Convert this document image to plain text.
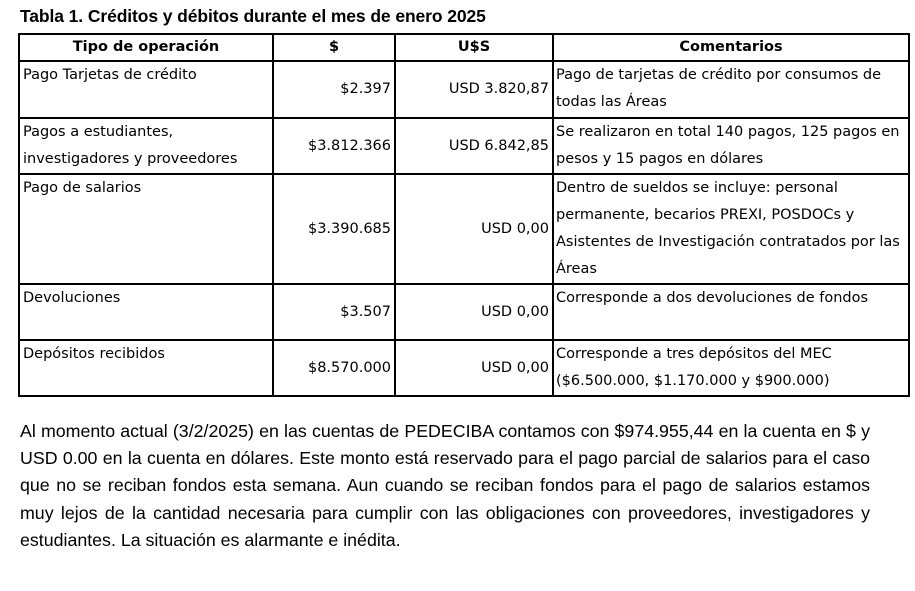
Tabla 1. Créditos y débitos durante el mes de enero 2025
Tipo de operación	$	U$S	Comentarios
Pago Tarjetas de crédito	$2.397	USD 3.820,87	Pago de tarjetas de crédito por consumos de todas las Áreas
Pagos a estudiantes, investigadores y proveedores	$3.812.366	USD 6.842,85	Se realizaron en total 140 pagos, 125 pagos en pesos y 15 pagos en dólares
Pago de salarios	$3.390.685	USD 0,00	Dentro de sueldos se incluye: personal permanente, becarios PREXI, POSDOCs y Asistentes de Investigación contratados por las Áreas
Devoluciones	$3.507	USD 0,00	Corresponde a dos devoluciones de fondos
Depósitos recibidos	$8.570.000	USD 0,00	Corresponde a tres depósitos del MEC ($6.500.000, $1.170.000 y $900.000)

Al momento actual (3/2/2025) en las cuentas de PEDECIBA contamos con $974.955,44 en la cuenta en $ y USD 0.00 en la cuenta en dólares. Este monto está reservado para el pago parcial de salarios para el caso que no se reciban fondos esta semana. Aun cuando se reciban fondos para el pago de salarios estamos muy lejos de la cantidad necesaria para cumplir con las obligaciones con proveedores, investigadores y estudiantes. La situación es alarmante e inédita.
